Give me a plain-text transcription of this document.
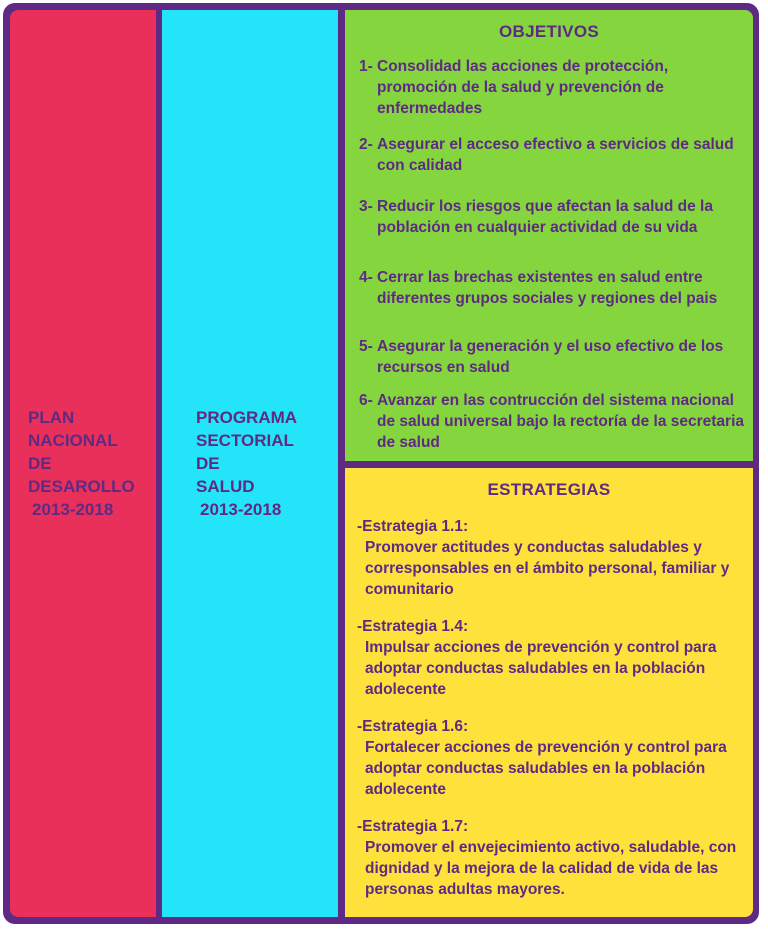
PLAN
NACIONAL
DE
DESAROLLO
2013-2018
PROGRAMA
SECTORIAL
DE
SALUD
2013-2018
OBJETIVOS
1- Consolidad las acciones de protección, promoción de la salud y prevención de enfermedades
2- Asegurar el acceso efectivo a servicios de salud con calidad
3- Reducir los riesgos que afectan la salud de la población en cualquier actividad de su vida
4- Cerrar las brechas existentes en salud entre diferentes grupos sociales y regiones del pais
5- Asegurar la generación y el uso efectivo de los recursos en salud
6- Avanzar en las contrucción del sistema nacional de salud universal bajo la rectoría de la secretaria de salud
ESTRATEGIAS
-Estrategia 1.1:
Promover actitudes y conductas saludables y corresponsables en el ámbito personal, familiar y comunitario
-Estrategia 1.4:
Impulsar acciones de prevención y control para adoptar conductas saludables en la población adolecente
-Estrategia 1.6:
Fortalecer acciones de prevención y control para adoptar conductas saludables en la población adolecente
-Estrategia 1.7:
Promover el envejecimiento activo, saludable, con dignidad y la mejora de la calidad de vida de las personas adultas mayores.
